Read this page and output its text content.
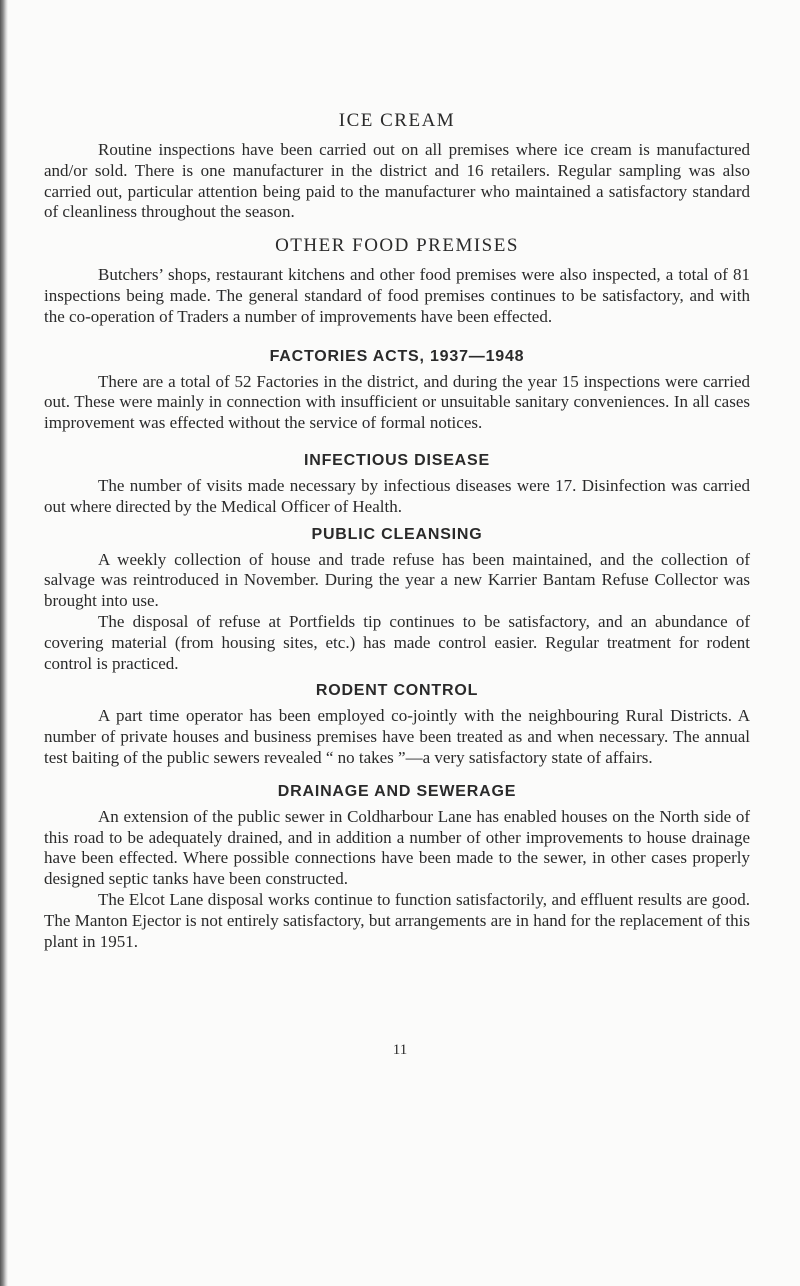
ICE CREAM

Routine inspections have been carried out on all premises where ice cream is manufactured and/or sold. There is one manufacturer in the district and 16 retailers. Regular sampling was also carried out, particular attention being paid to the manufacturer who maintained a satisfactory standard of cleanliness throughout the season.

OTHER FOOD PREMISES

Butchers’ shops, restaurant kitchens and other food premises were also inspected, a total of 81 inspections being made. The general standard of food premises continues to be satisfactory, and with the co-operation of Traders a number of improvements have been effected.

FACTORIES ACTS, 1937—1948

There are a total of 52 Factories in the district, and during the year 15 inspections were carried out. These were mainly in connection with insufficient or unsuitable sanitary conveniences. In all cases improvement was effected without the service of formal notices.

INFECTIOUS DISEASE

The number of visits made necessary by infectious diseases were 17. Disinfection was carried out where directed by the Medical Officer of Health.

PUBLIC CLEANSING

A weekly collection of house and trade refuse has been maintained, and the collection of salvage was reintroduced in November. During the year a new Karrier Bantam Refuse Collector was brought into use.

The disposal of refuse at Portfields tip continues to be satisfactory, and an abundance of covering material (from housing sites, etc.) has made control easier. Regular treatment for rodent control is practiced.

RODENT CONTROL

A part time operator has been employed co-jointly with the neighbouring Rural Districts. A number of private houses and business premises have been treated as and when necessary. The annual test baiting of the public sewers revealed “ no takes ”—a very satisfactory state of affairs.

DRAINAGE AND SEWERAGE

An extension of the public sewer in Coldharbour Lane has enabled houses on the North side of this road to be adequately drained, and in addition a number of other improvements to house drainage have been effected. Where possible connections have been made to the sewer, in other cases properly designed septic tanks have been constructed.

The Elcot Lane disposal works continue to function satisfactorily, and effluent results are good. The Manton Ejector is not entirely satisfactory, but arrangements are in hand for the replacement of this plant in 1951.

11
